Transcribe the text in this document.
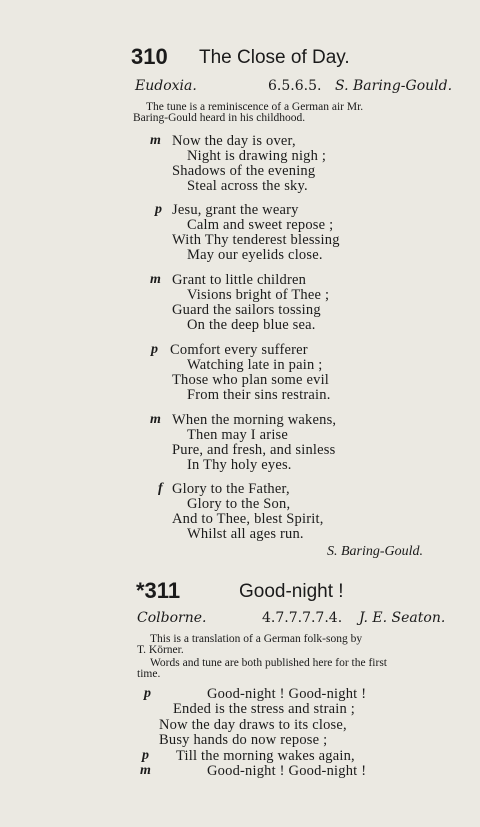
310 The Close of Day.
Eudoxia.	6.5.6.5. S. Baring-Gould.
The tune is a reminiscence of a German air Mr.
Baring-Gould heard in his childhood.
m Now the day is over,
Night is drawing nigh ;
Shadows of the evening
Steal across the sky.
p Jesu, grant the weary
Calm and sweet repose ;
With Thy tenderest blessing
May our eyelids close.
m Grant to little children
Visions bright of Thee ;
Guard the sailors tossing
On the deep blue sea.
p Comfort every sufferer
Watching late in pain ;
Those who plan some evil
From their sins restrain.
m When the morning wakens,
Then may I arise
Pure, and fresh, and sinless
In Thy holy eyes.
f Glory to the Father,
Glory to the Son,
And to Thee, blest Spirit,
Whilst all ages run.
S. Baring-Gould.
*311	Good-night !
Colborne.	4.7.7.7.7.4. J. E. Seaton.
This is a translation of a German folk-song by
T. Körner.
Words and tune are both published here for the first
time.
p	Good-night ! Good-night !
Ended is the stress and strain ;
Now the day draws to its close,
Busy hands do now repose ;
p Till the morning wakes again,
m	Good-night ! Good-night !
